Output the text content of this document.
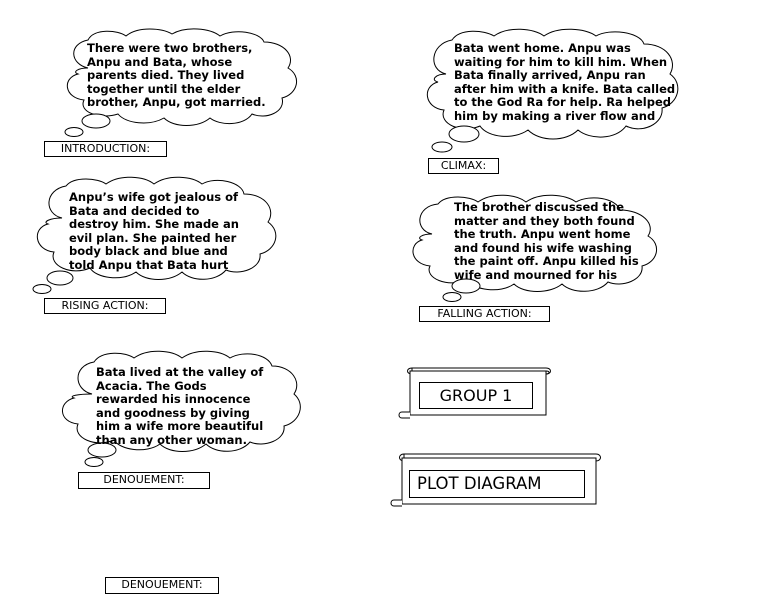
There were two brothers, Anpu and Bata, whose parents died. They lived together until the elder brother, Anpu, got married.
INTRODUCTION:
Bata went home. Anpu was waiting for him to kill him. When Bata finally arrived, Anpu ran after him with a knife. Bata called to the God Ra for help. Ra helped him by making a river flow and
CLIMAX:
Anpu’s wife got jealous of Bata and decided to destroy him. She made an evil plan. She painted her body black and blue and told Anpu that Bata hurt
RISING ACTION:
The brother discussed the matter and they both found the truth. Anpu went home and found his wife washing the paint off. Anpu killed his wife and mourned for his
FALLING ACTION:
Bata lived at the valley of Acacia. The Gods rewarded his innocence and goodness by giving him a wife more beautiful than any other woman.
DENOUEMENT:
GROUP 1
PLOT DIAGRAM
DENOUEMENT:
